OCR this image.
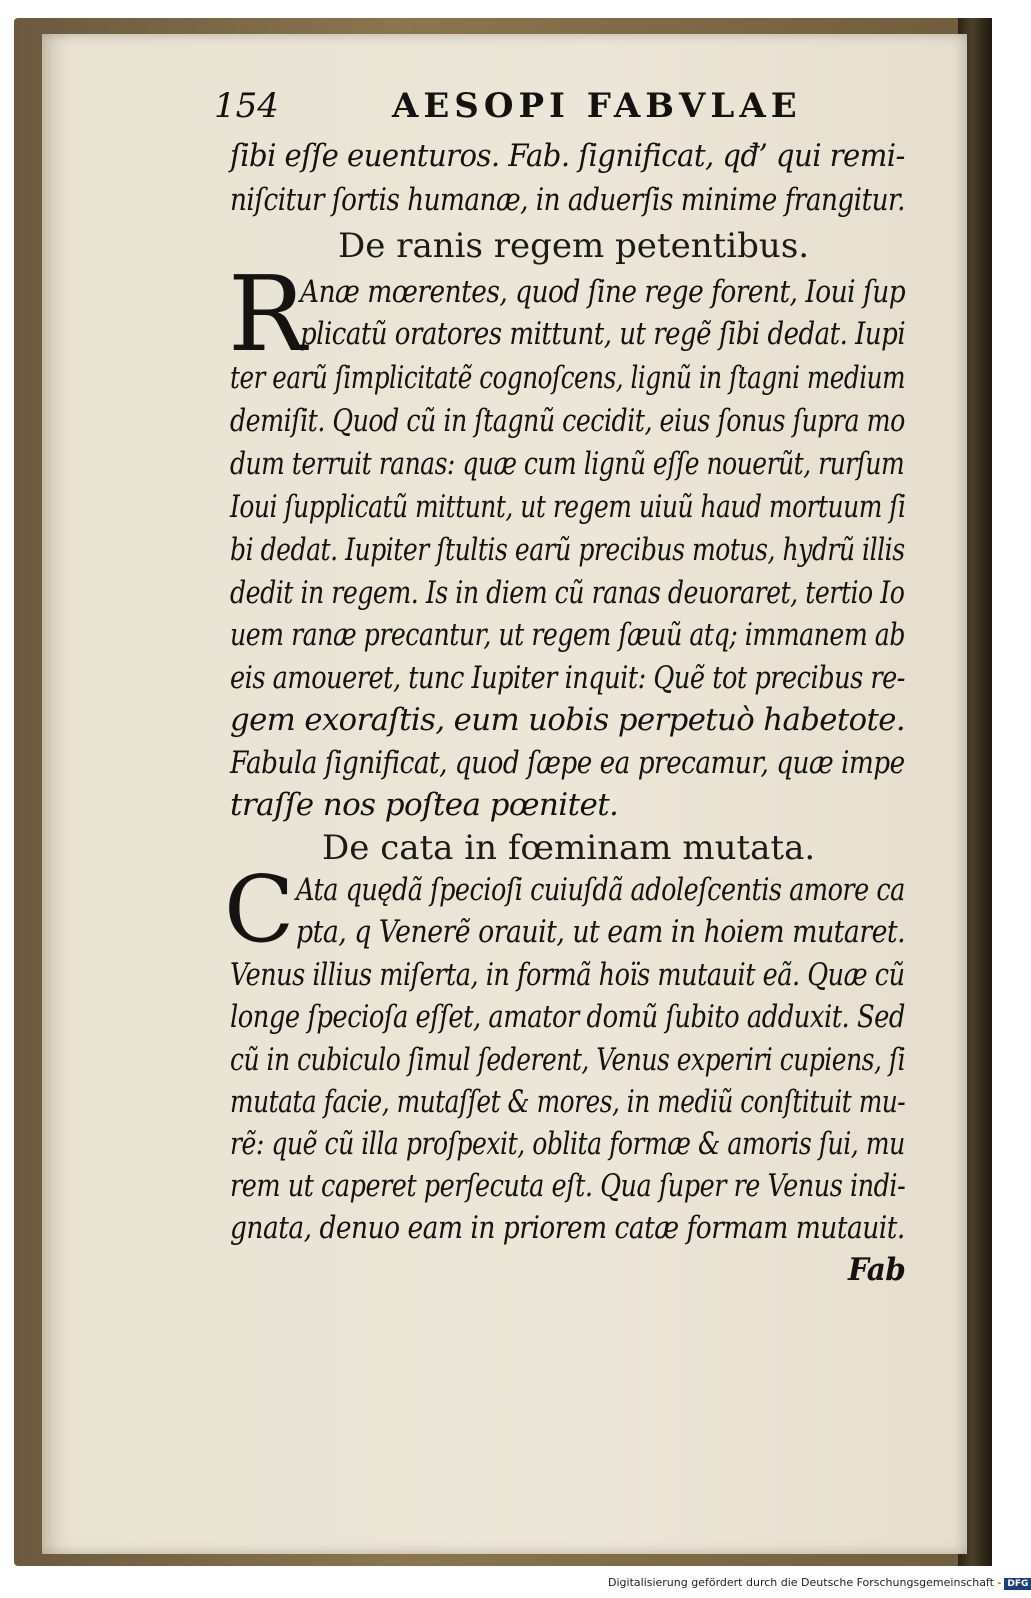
154	AESOPI FABVLAE
ſibi eſſe euenturos. Fab. ſignificat, qđ’ qui remi-
niſcitur ſortis humanæ, in aduerſis minime frangitur.
De ranis regem petentibus.
R
Anæ mœrentes, quod ſine rege forent, Ioui ſup
plicatũ oratores mittunt, ut regẽ ſibi dedat. Iupi
ter earũ ſimplicitatẽ cognoſcens, lignũ in ſtagni medium
demiſit. Quod cũ in ſtagnũ cecidit, eius ſonus ſupra mo
dum terruit ranas: quæ cum lignũ eſſe nouerũt, rurſum
Ioui ſupplicatũ mittunt, ut regem uiuũ haud mortuum ſi
bi dedat. Iupiter ſtultis earũ precibus motus, hydrũ illis
dedit in regem. Is in diem cũ ranas deuoraret, tertio Io
uem ranæ precantur, ut regem ſæuũ atq; immanem ab
eis amoueret, tunc Iupiter inquit: Quẽ tot precibus re-
gem exoraſtis, eum uobis perpetuò habetote.
Fabula ſignificat, quod ſæpe ea precamur, quæ impe
traſſe nos poſtea pœnitet.
De cata in fœminam mutata.
C Ata quędã ſpecioſi cuiuſdã adoleſcentis amore ca
pta, q Venerẽ orauit, ut eam in hoiem mutaret.
Venus illius miſerta, in formã hoïs mutauit eã. Quæ cũ
longe ſpecioſa eſſet, amator domũ ſubito adduxit. Sed
cũ in cubiculo ſimul ſederent, Venus experiri cupiens, ſi
mutata facie, mutaſſet & mores, in mediũ conſtituit mu-
rẽ: quẽ cũ illa proſpexit, oblita formæ & amoris ſui, mu
rem ut caperet perſecuta eſt. Qua ſuper re Venus indi-
gnata, denuo eam in priorem catæ formam mutauit.
Fab
Digitalisierung gefördert durch die Deutsche Forschungsgemeinschaft - DFG
